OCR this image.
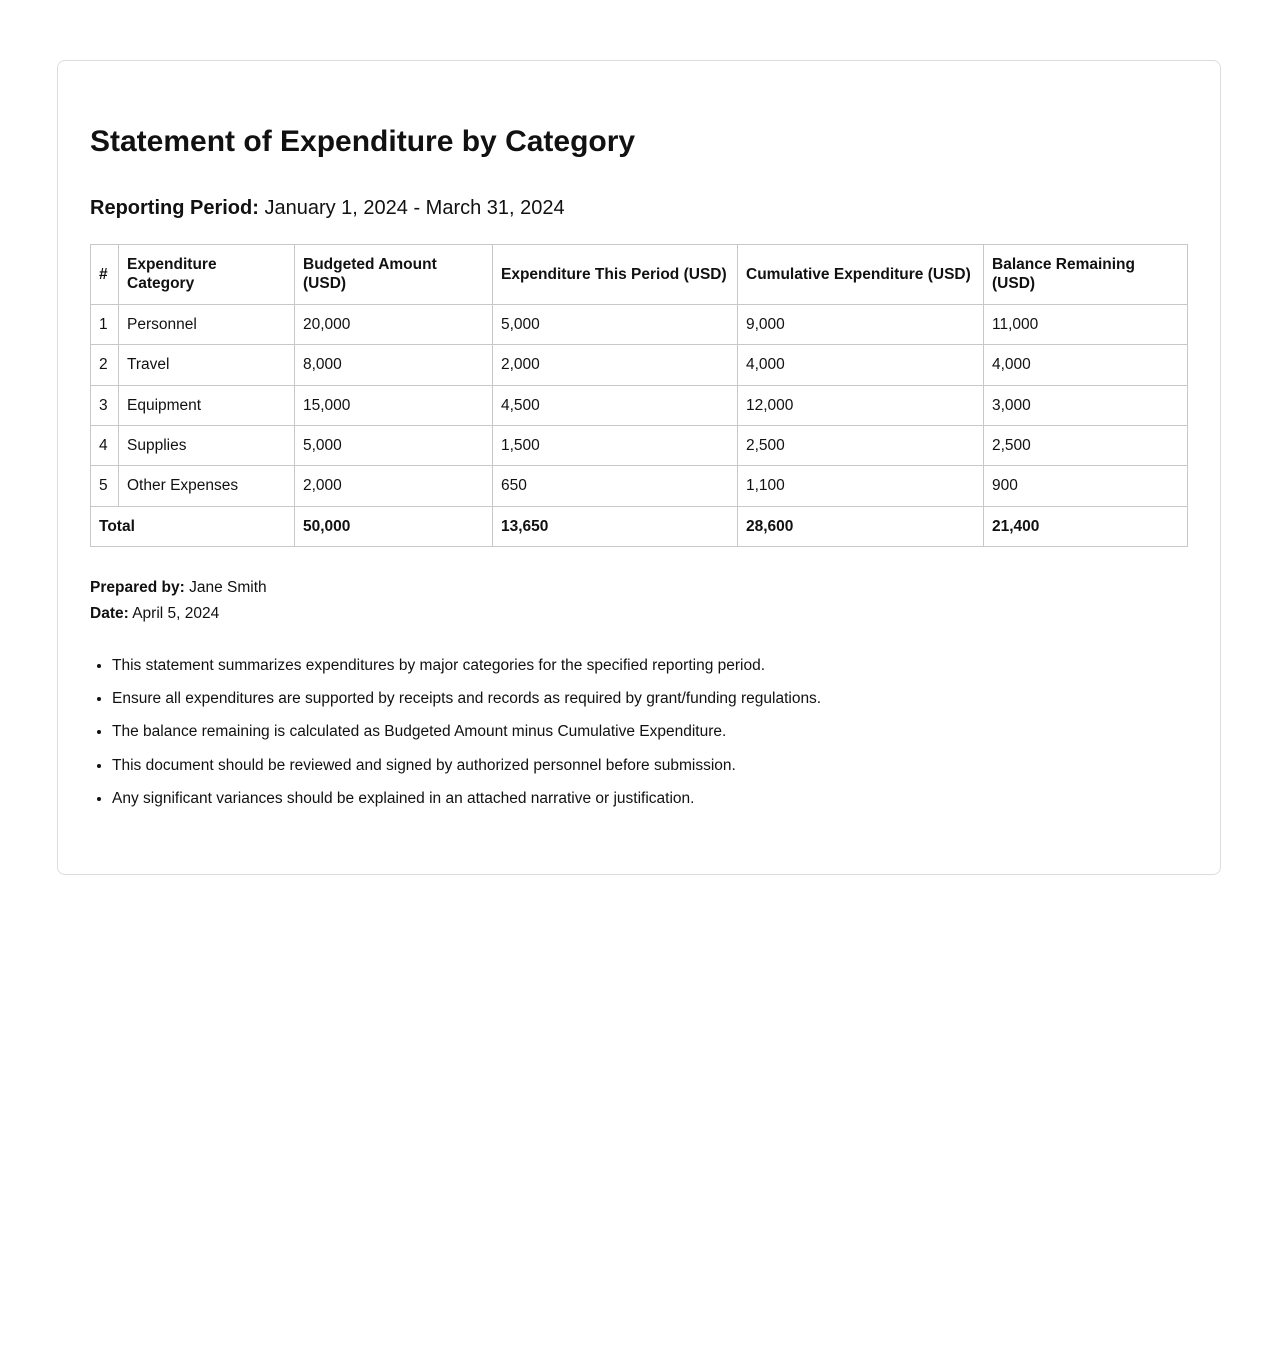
Statement of Expenditure by Category
Reporting Period: January 1, 2024 - March 31, 2024
#	Expenditure Category	Budgeted Amount (USD)	Expenditure This Period (USD)	Cumulative Expenditure (USD)	Balance Remaining (USD)
1	Personnel	20,000	5,000	9,000	11,000
2	Travel	8,000	2,000	4,000	4,000
3	Equipment	15,000	4,500	12,000	3,000
4	Supplies	5,000	1,500	2,500	2,500
5	Other Expenses	2,000	650	1,100	900
Total		50,000	13,650	28,600	21,400
Prepared by: Jane Smith
Date: April 5, 2024
• This statement summarizes expenditures by major categories for the specified reporting period.
• Ensure all expenditures are supported by receipts and records as required by grant/funding regulations.
• The balance remaining is calculated as Budgeted Amount minus Cumulative Expenditure.
• This document should be reviewed and signed by authorized personnel before submission.
• Any significant variances should be explained in an attached narrative or justification.
